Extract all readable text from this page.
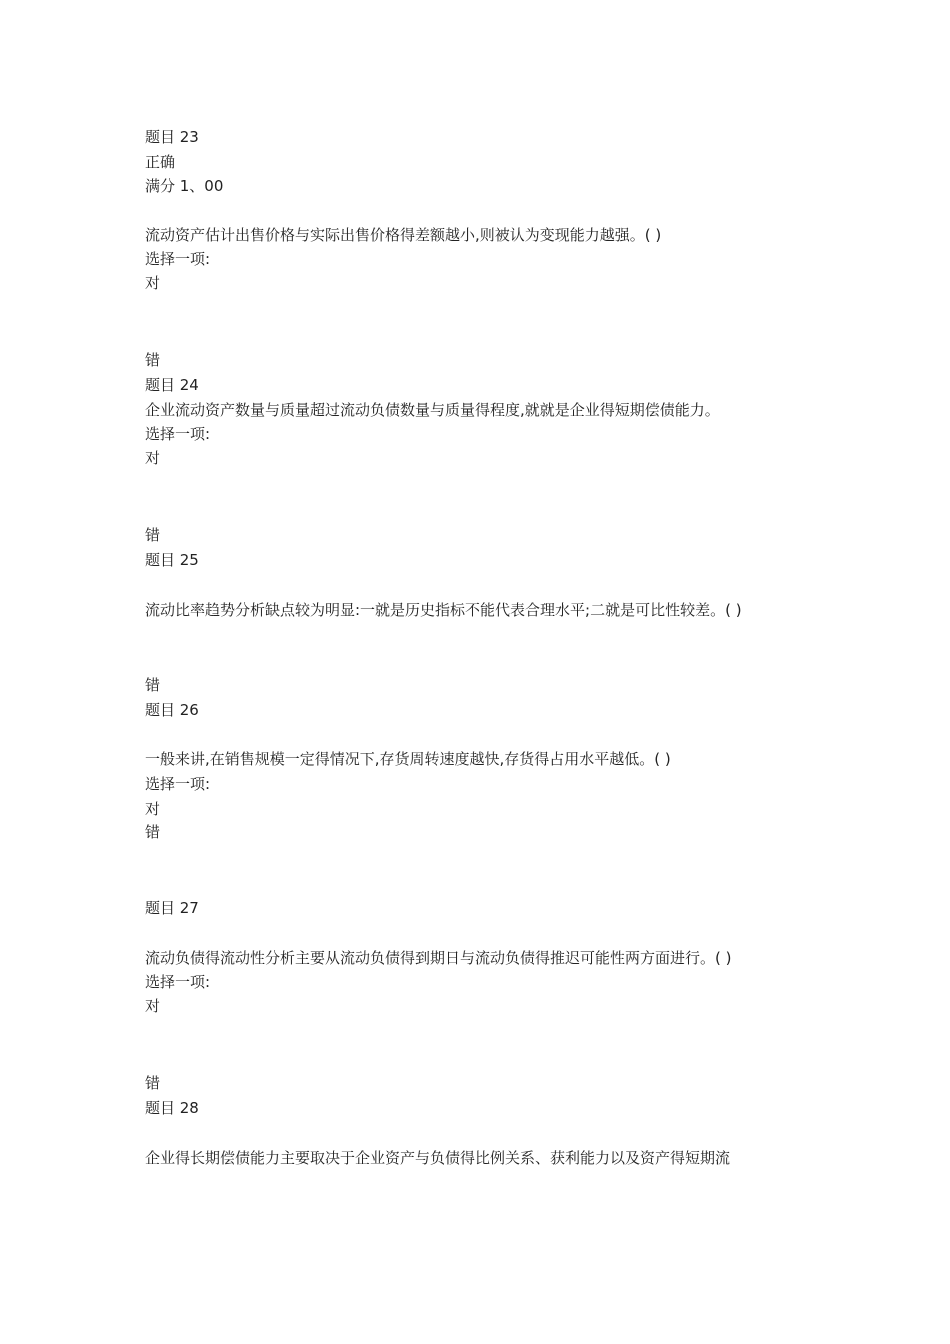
题目 23
正确
满分 1、00
流动资产估计出售价格与实际出售价格得差额越小,则被认为变现能力越强。( )
选择一项:
对
错
题目 24
企业流动资产数量与质量超过流动负债数量与质量得程度,就就是企业得短期偿债能力。
选择一项:
对
错
题目 25
流动比率趋势分析缺点较为明显:一就是历史指标不能代表合理水平;二就是可比性较差。( )
错
题目 26
一般来讲,在销售规模一定得情况下,存货周转速度越快,存货得占用水平越低。( )
选择一项:
对
错
题目 27
流动负债得流动性分析主要从流动负债得到期日与流动负债得推迟可能性两方面进行。( )
选择一项:
对
错
题目 28
企业得长期偿债能力主要取决于企业资产与负债得比例关系、获利能力以及资产得短期流
